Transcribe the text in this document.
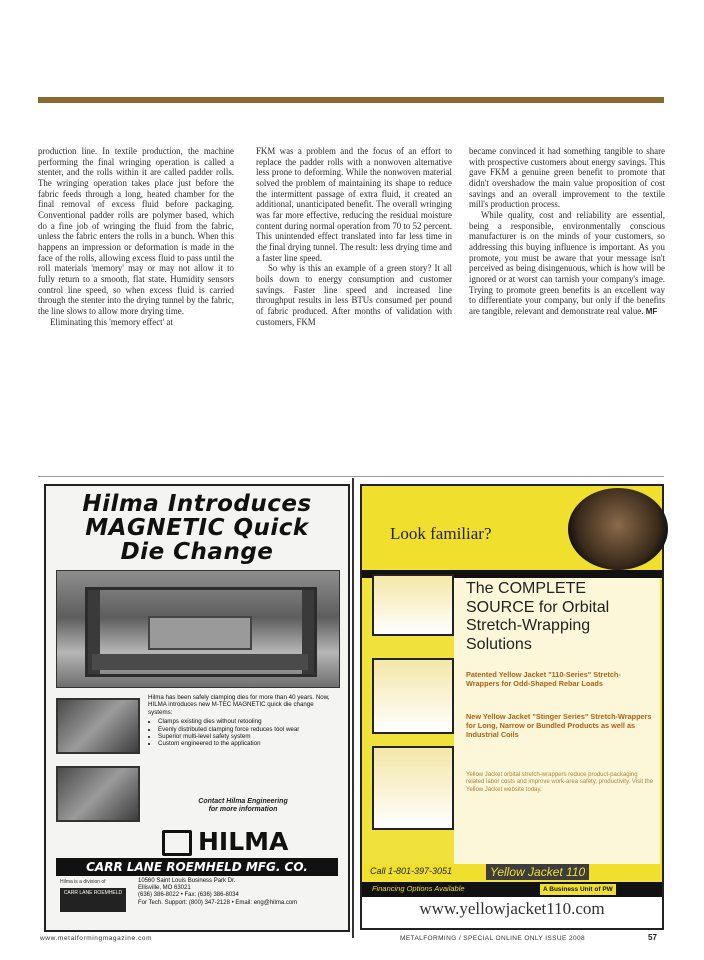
production line. In textile production, the machine performing the final wringing operation is called a stenter, and the rolls within it are called padder rolls. The wringing operation takes place just before the fabric feeds through a long, heated chamber for the final removal of excess fluid before packaging. Conventional padder rolls are polymer based, which do a fine job of wringing the fluid from the fabric, unless the fabric enters the rolls in a bunch. When this happens an impression or deformation is made in the face of the rolls, allowing excess fluid to pass until the roll materials 'memory' may or may not allow it to fully return to a smooth, flat state. Humidity sensors control line speed, so when excess fluid is carried through the stenter into the drying tunnel by the fabric, the line slows to allow more drying time.

Eliminating this 'memory effect' at

FKM was a problem and the focus of an effort to replace the padder rolls with a nonwoven alternative less prone to deforming. While the nonwoven material solved the problem of maintaining its shape to reduce the intermittent passage of extra fluid, it created an additional, unanticipated benefit. The overall wringing was far more effective, reducing the residual moisture content during normal operation from 70 to 52 percent. This unintended effect translated into far less time in the final drying tunnel. The result: less drying time and a faster line speed.

So why is this an example of a green story? It all boils down to energy consumption and customer savings. Faster line speed and increased line throughput results in less BTUs consumed per pound of fabric produced. After months of validation with customers, FKM

became convinced it had something tangible to share with prospective customers about energy savings. This gave FKM a genuine green benefit to promote that didn't overshadow the main value proposition of cost savings and an overall improvement to the textile mill's production process.

While quality, cost and reliability are essential, being a responsible, environmentally conscious manufacturer is on the minds of your customers, so addressing this buying influence is important. As you promote, you must be aware that your message isn't perceived as being disingenuous, which is how will be ignored or at worst can tarnish your company's image. Trying to promote green benefits is an excellent way to differentiate your company, but only if the benefits are tangible, relevant and demonstrate real value. MF

Hilma Introduces
MAGNETIC Quick
Die Change
Hilma has been safely clamping dies for more than 40 years. Now, HILMA introduces new M-TEC MAGNETIC quick die change systems:
• Clamps existing dies without retooling
• Evenly distributed clamping force reduces tool wear
• Superior multi-level safety system
• Custom engineered to the application
Contact Hilma Engineering
for more information
HILMA
CARR LANE ROEMHELD MFG. CO.
Hilma is a division of
CARR LANE ROEMHELD
10560 Saint Louis Business Park Dr.
Ellisville, MO 63021
(636) 386-8022 • Fax: (636) 386-8034
For Tech. Support: (800) 347-2128 • Email: eng@hilma.com
Look familiar?
The COMPLETE SOURCE for Orbital Stretch-Wrapping Solutions
Patented Yellow Jacket "110-Series" Stretch-Wrappers for Odd-Shaped Rebar Loads
New Yellow Jacket "Stinger Series" Stretch-Wrappers for Long, Narrow or Bundled Products as well as Industrial Coils
Yellow Jacket orbital stretch-wrappers reduce product-packaging related labor costs and improve work-area safety, productivity. Visit the Yellow Jacket website today.
Call 1-801-397-3051	Yellow Jacket 110
Financing Options Available	A Business Unit of PW
www.yellowjacket110.com
www.metalformingmagazine.com	METALFORMING / SPECIAL ONLINE ONLY ISSUE 2008	57
